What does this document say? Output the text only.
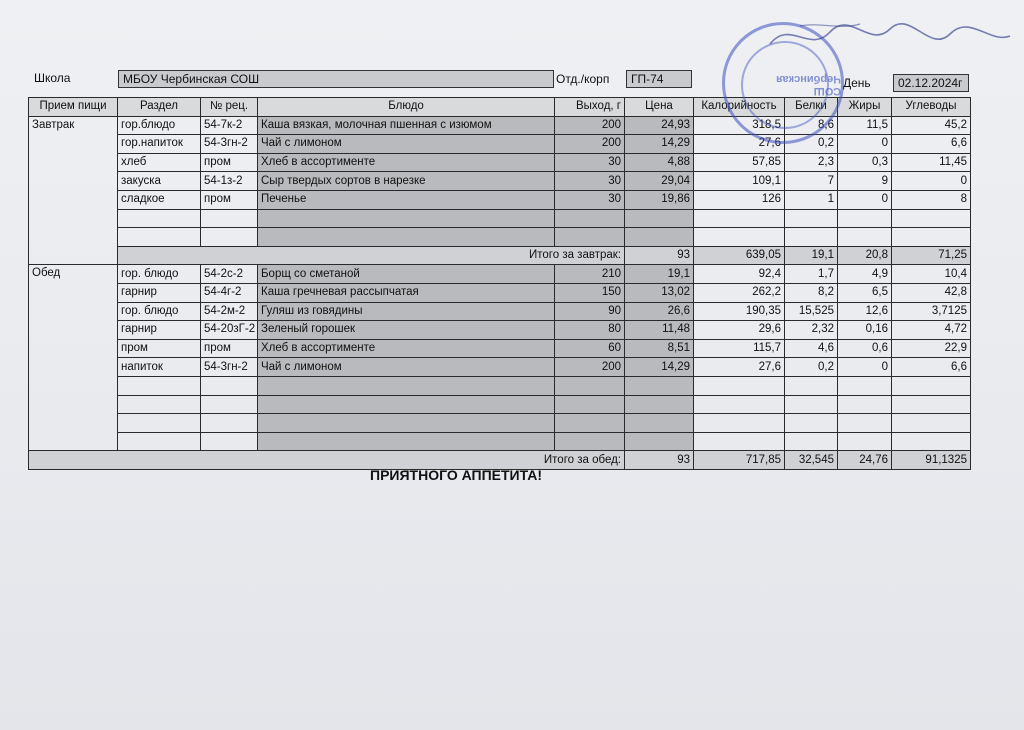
Школа	МБОУ Чербинская СОШ	Отд./корп	ГП-74	День	02.12.2024г
Прием пищи	Раздел	№ рец.	Блюдо	Выход, г	Цена	Калорийность	Белки	Жиры	Углеводы
Завтрак	гор.блюдо	54-7к-2	Каша вязкая, молочная пшенная с изюмом	200	24,93	318,5	8,6	11,5	45,2
	гор.напиток	54-3гн-2	Чай с лимоном	200	14,29	27,6	0,2	0	6,6
	хлеб	пром	Хлеб в ассортименте	30	4,88	57,85	2,3	0,3	11,45
	закуска	54-1з-2	Сыр твердых сортов в нарезке	30	29,04	109,1	7	9	0
	сладкое	пром	Печенье	30	19,86	126	1	0	8

	Итого за завтрак:				93	639,05	19,1	20,8	71,25
Обед	гор. блюдо	54-2с-2	Борщ со сметаной	210	19,1	92,4	1,7	4,9	10,4
	гарнир	54-4г-2	Каша гречневая рассыпчатая	150	13,02	262,2	8,2	6,5	42,8
	гор. блюдо	54-2м-2	Гуляш из говядины	90	26,6	190,35	15,525	12,6	3,7125
	гарнир	54-20зГ-2	Зеленый горошек	80	11,48	29,6	2,32	0,16	4,72
	пром	пром	Хлеб в ассортименте	60	8,51	115,7	4,6	0,6	22,9
	напиток	54-3гн-2	Чай с лимоном	200	14,29	27,6	0,2	0	6,6

Итого за обед:					93	717,85	32,545	24,76	91,1325
ПРИЯТНОГО АППЕТИТА!
СОШ Чербинская
